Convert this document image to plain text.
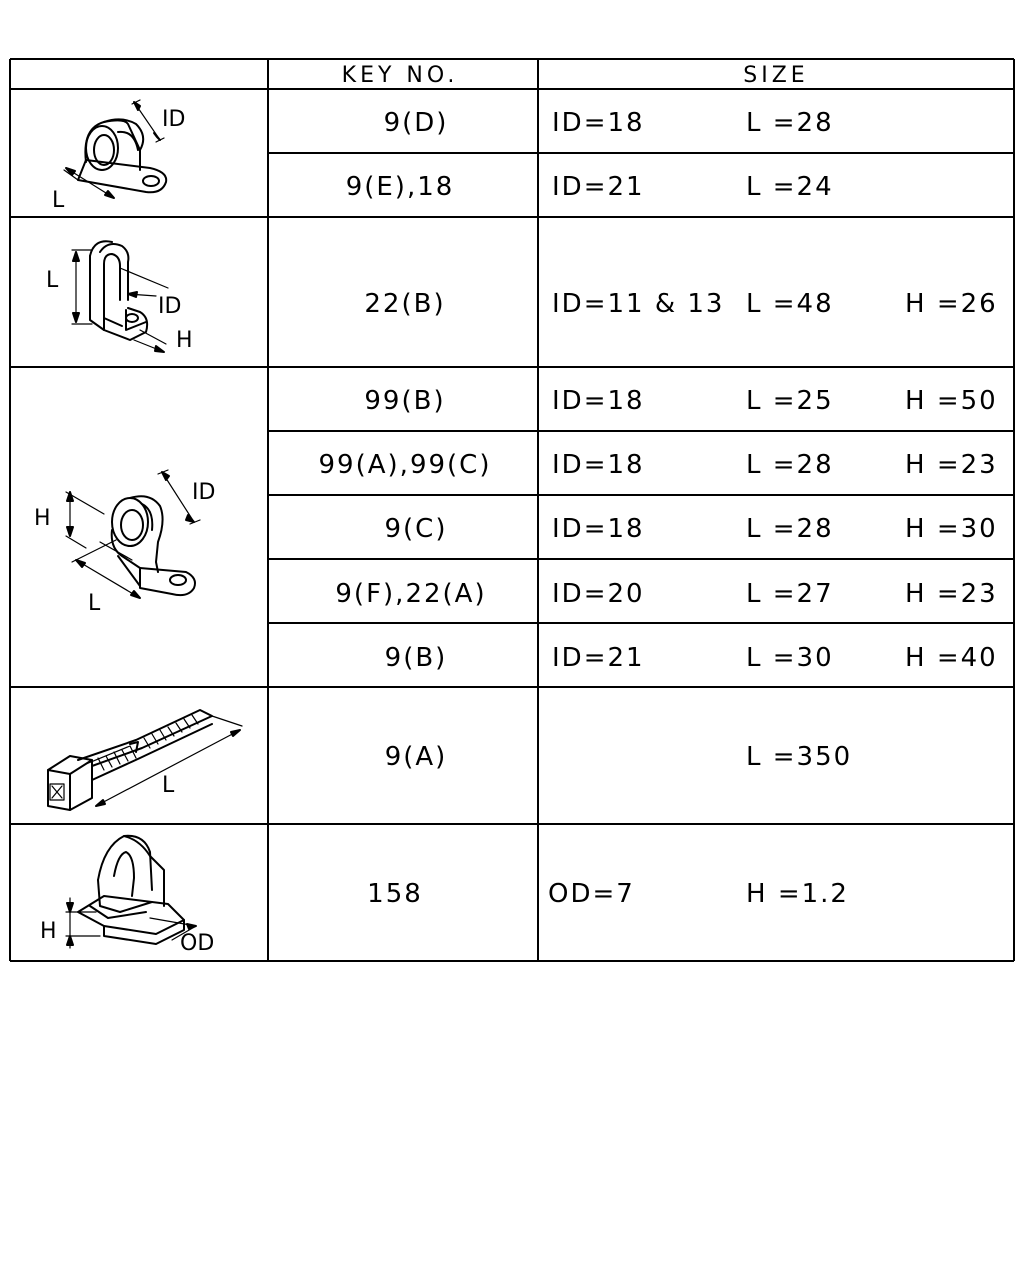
KEY NO.	SIZE
9(D)	ID=18	L =28
9(E),18	ID=21	L =24
22(B)	ID=11 & 13 L =48	H =26
99(B)	ID=18	L =25	H =50
99(A),99(C) ID=18	L =28	H =23
9(C)	ID=18	L =28	H =30
9(F),22(A)	ID=20	L =27	H =23
9(B)	ID=21	L =30	H =40
9(A)	L =350
158	OD=7	H =1.2
ID
L
L
ID
H
H
ID
L
L
H	OD
